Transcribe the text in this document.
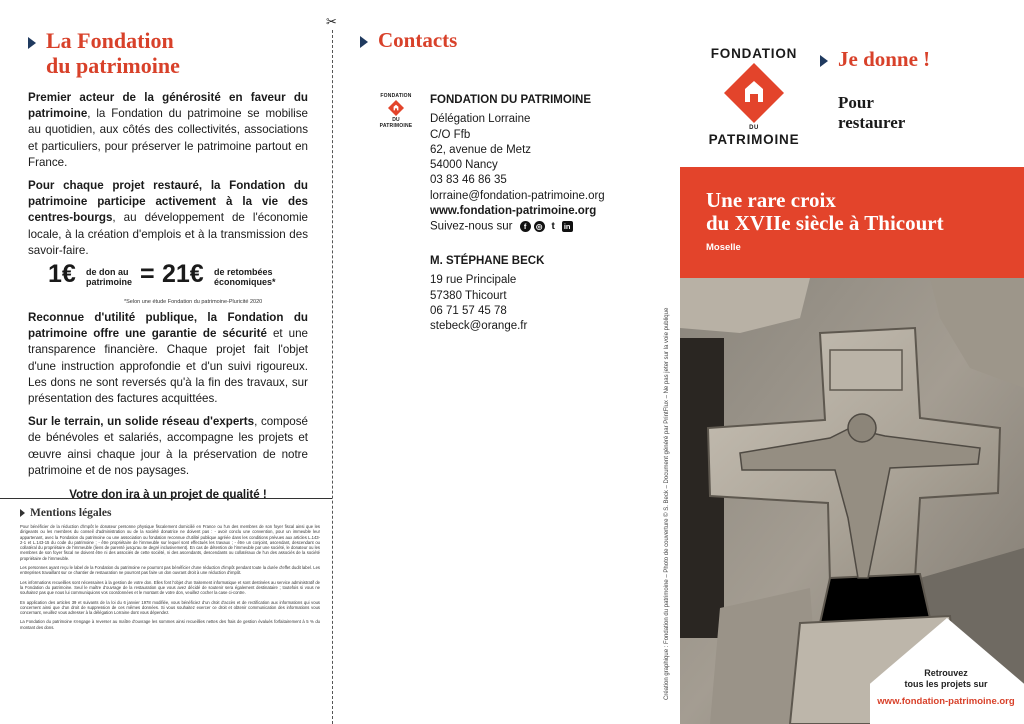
La Fondation
du patrimoine

Premier acteur de la générosité en faveur du patrimoine, la Fondation du patrimoine se mobilise au quotidien, aux côtés des collectivités, associations et particuliers, pour préserver le patrimoine partout en France.

Pour chaque projet restauré, la Fondation du patrimoine participe activement à la vie des centres-bourgs, au développement de l'économie locale, à la création d'emplois et à la transmission des savoir-faire.

1€ de don au
patrimoine = 21€ de retombées
économiques*
*Selon une étude Fondation du patrimoine-Pluricité 2020

Reconnue d'utilité publique, la Fondation du patrimoine offre une garantie de sécurité et une transparence financière. Chaque projet fait l'objet d'une instruction approfondie et d'un suivi rigoureux. Les dons ne sont reversés qu'à la fin des travaux, sur présentation des factures acquittées.

Sur le terrain, un solide réseau d'experts, composé de bénévoles et salariés, accompagne les projets et œuvre ainsi chaque jour à la préservation de notre patrimoine et de nos paysages.

Votre don ira à un projet de qualité !
Mentions légales

Pour bénéficier de la réduction d'impôt le donateur personne physique fiscalement domicilié en France ou l'un des membres de son foyer fiscal ainsi que les dirigeants ou les membres du conseil d'administration ou de la société donatrice ne doivent pas : - avoir conclu une convention, pour un immeuble leur appartenant, avec la Fondation du patrimoine ou une association ou fondation reconnue d'utilité publique agréée dans les conditions prévues aux articles L.143-2-1 et L.143-15 du code du patrimoine ; - être propriétaire de l'immeuble sur lequel sont effectués les travaux ; - être un conjoint, ascendant, descendant ou collatéral du propriétaire de l'immeuble (liens de parenté jusqu'au 4e degré inclusivement). En cas de détention de l'immeuble par une société, le donateur ou les membres de son foyer fiscal ne doivent être ni des associés de cette société, ni des ascendants, descendants ou collatéraux de l'un des associés de la société propriétaire de l'immeuble.

Les personnes ayant reçu le label de la Fondation du patrimoine ne pourront pas bénéficier d'une réduction d'impôt pendant toute la durée d'effet dudit label. Les entreprises travaillant sur ce chantier de restauration ne pourront pas faire un don ouvrant droit à une réduction d'impôt.

Les informations recueillies sont nécessaires à la gestion de votre don. Elles font l'objet d'un traitement informatique et sont destinées au service administratif de la Fondation du patrimoine. Seul le maître d'ouvrage de la restauration que vous avez décidé de soutenir sera également destinataire ; toutefois si vous ne souhaitez pas que nous lui communiquions vos coordonnées et le montant de votre don, veuillez cocher la case ci-contre.

En application des articles 39 et suivants de la loi du 6 janvier 1978 modifiée, vous bénéficiez d'un droit d'accès et de rectification aux informations qui vous concernent ainsi que d'un droit de suppression de ces mêmes données. Si vous souhaitez exercer ce droit et obtenir communication des informations vous concernant, veuillez vous adresser à la délégation Lorraine dont vous dépendez.

La Fondation du patrimoine s'engage à reverser au maître d'ouvrage les sommes ainsi recueillies nettes des frais de gestion évalués forfaitairement à 5 % du montant des dons.

✂
Contacts
FONDATION
DU
PATRIMOINE
FONDATION DU PATRIMOINE
Délégation Lorraine
C/O Ffb
62, avenue de Metz
54000 Nancy
03 83 46 86 35
lorraine@fondation-patrimoine.org
www.fondation-patrimoine.org
Suivez-nous sur f ◎ t in
M. STÉPHANE BECK
19 rue Principale
57380 Thicourt
06 71 57 45 78
stebeck@orange.fr	Création graphique : Fondation du patrimoine – Photo de couverture © S. Beck – Document généré par PrintFlux – Ne pas jeter sur la voie publique
FONDATION
DU
PATRIMOINE
Je donne !
Pour
restaurer
Une rare croix
du XVIIe siècle à Thicourt
Moselle
Retrouvez
tous les projets sur
www.fondation-patrimoine.org
